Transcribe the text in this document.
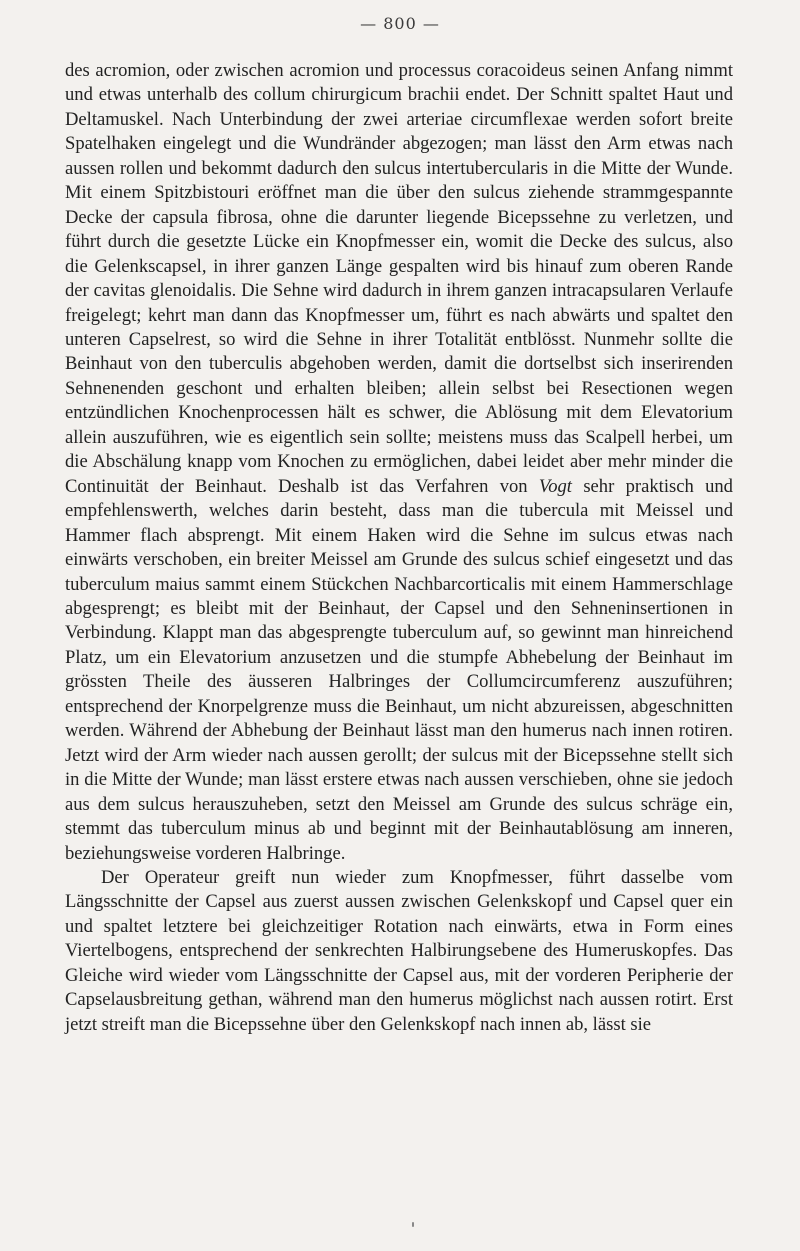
— 800 —

des acromion, oder zwischen acromion und processus coracoideus seinen Anfang nimmt und etwas unterhalb des collum chirurgicum brachii endet. Der Schnitt spaltet Haut und Deltamuskel. Nach Unterbindung der zwei arteriae circumflexae werden sofort breite Spatelhaken eingelegt und die Wundränder abgezogen; man lässt den Arm etwas nach aussen rollen und bekommt dadurch den sulcus intertubercularis in die Mitte der Wunde. Mit einem Spitzbistouri eröffnet man die über den sulcus ziehende strammgespannte Decke der capsula fibrosa, ohne die darunter liegende Bicepssehne zu verletzen, und führt durch die gesetzte Lücke ein Knopfmesser ein, womit die Decke des sulcus, also die Gelenkscapsel, in ihrer ganzen Länge gespalten wird bis hinauf zum oberen Rande der cavitas glenoidalis. Die Sehne wird dadurch in ihrem ganzen intracapsularen Verlaufe freigelegt; kehrt man dann das Knopfmesser um, führt es nach abwärts und spaltet den unteren Capselrest, so wird die Sehne in ihrer Totalität entblösst. Nunmehr sollte die Beinhaut von den tuberculis abgehoben werden, damit die dortselbst sich inserirenden Sehnenenden geschont und erhalten bleiben; allein selbst bei Resectionen wegen entzündlichen Knochenprocessen hält es schwer, die Ablösung mit dem Elevatorium allein auszuführen, wie es eigentlich sein sollte; meistens muss das Scalpell herbei, um die Abschälung knapp vom Knochen zu ermöglichen, dabei leidet aber mehr minder die Continuität der Beinhaut. Deshalb ist das Verfahren von Vogt sehr praktisch und empfehlenswerth, welches darin besteht, dass man die tubercula mit Meissel und Hammer flach absprengt. Mit einem Haken wird die Sehne im sulcus etwas nach einwärts verschoben, ein breiter Meissel am Grunde des sulcus schief eingesetzt und das tuberculum maius sammt einem Stückchen Nachbarcorticalis mit einem Hammerschlage abgesprengt; es bleibt mit der Beinhaut, der Capsel und den Sehneninsertionen in Verbindung. Klappt man das abgesprengte tuberculum auf, so gewinnt man hinreichend Platz, um ein Elevatorium anzusetzen und die stumpfe Abhebelung der Beinhaut im grössten Theile des äusseren Halbringes der Collumcircumferenz auszuführen; entsprechend der Knorpelgrenze muss die Beinhaut, um nicht abzureissen, abgeschnitten werden. Während der Abhebung der Beinhaut lässt man den humerus nach innen rotiren. Jetzt wird der Arm wieder nach aussen gerollt; der sulcus mit der Bicepssehne stellt sich in die Mitte der Wunde; man lässt erstere etwas nach aussen verschieben, ohne sie jedoch aus dem sulcus herauszuheben, setzt den Meissel am Grunde des sulcus schräge ein, stemmt das tuberculum minus ab und beginnt mit der Beinhautablösung am inneren, beziehungsweise vorderen Halbringe.

Der Operateur greift nun wieder zum Knopfmesser, führt dasselbe vom Längsschnitte der Capsel aus zuerst aussen zwischen Gelenkskopf und Capsel quer ein und spaltet letztere bei gleichzeitiger Rotation nach einwärts, etwa in Form eines Viertelbogens, entsprechend der senkrechten Halbirungsebene des Humeruskopfes. Das Gleiche wird wieder vom Längsschnitte der Capsel aus, mit der vorderen Peripherie der Capselausbreitung gethan, während man den humerus möglichst nach aussen rotirt. Erst jetzt streift man die Bicepssehne über den Gelenkskopf nach innen ab, lässt sie
